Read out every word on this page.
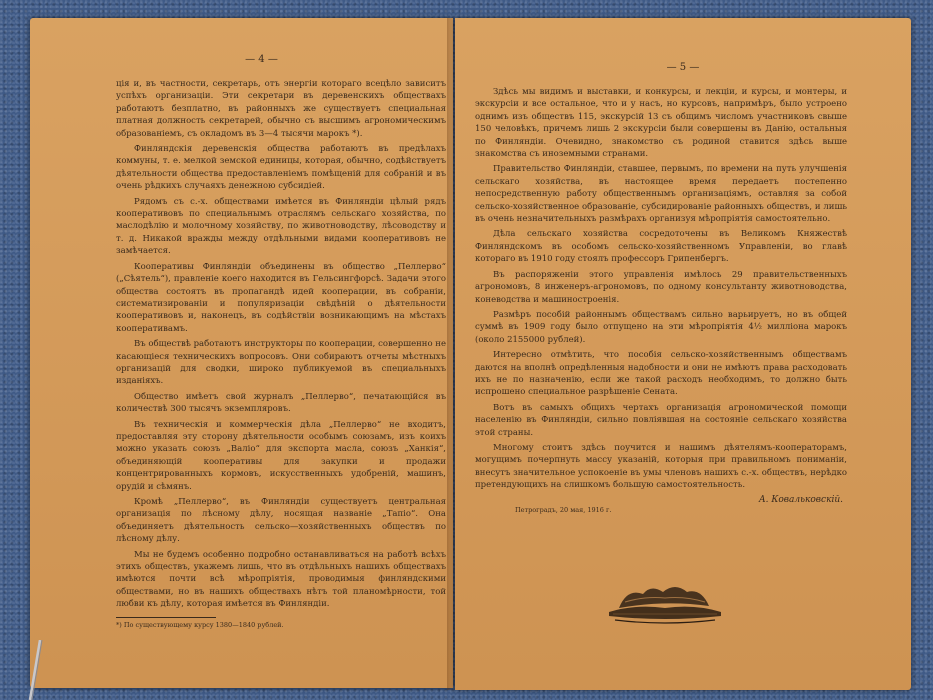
— 4 —

ція и, въ частности, секретарь, отъ энергіи котораго всецѣло зависитъ успѣхъ организаціи. Эти секретари въ деревенскихъ обществахъ работаютъ безплатно, въ районныхъ же существуетъ специальная платная должность секретарей, обычно съ высшимъ агрономическимъ образованіемъ, съ окладомъ въ 3—4 тысячи марокъ *).

Финляндскія деревенскія общества работаютъ въ предѣлахъ коммуны, т. е. мелкой земской единицы, которая, обычно, содѣйствуетъ дѣятельности общества предоставленіемъ помѣщеній для собраній и въ очень рѣдкихъ случаяхъ денежною субсидіей.

Рядомъ съ с.-х. обществами имѣется въ Финляндіи цѣлый рядъ кооперативовъ по специальнымъ отраслямъ сельскаго хозяйства, по маслодѣлію и молочному хозяйству, по животноводству, лѣсоводству и т. д. Никакой вражды между отдѣльными видами кооперативовъ не замѣчается.

Кооперативы Финляндіи объединены въ общество „Пеллерво“ („Сѣятель“), правленіе коего находится въ Гельсингфорсѣ. Задачи этого общества состоятъ въ пропагандѣ идей кооперации, въ собраніи, систематизированіи и популяризаціи свѣдѣній о дѣятельности кооперативовъ и, наконецъ, въ содѣйствіи возникающимъ на мѣстахъ кооперативамъ.

Въ обществѣ работаютъ инструкторы по кооперации, совершенно не касающіеся техническихъ вопросовъ. Они собираютъ отчеты мѣстныхъ организацій для сводки, широко публикуемой въ специальныхъ изданіяхъ.

Общество имѣетъ свой журналъ „Пеллерво“, печатающійся въ количествѣ 300 тысячъ экземпляровъ.

Въ техническія и коммерческія дѣла „Пеллерво“ не входитъ, предоставляя эту сторону дѣятельности особымъ союзамъ, изъ коихъ можно указать союзъ „Валіо“ для экспорта масла, союзъ „Ханкія“, объединяющій кооперативы для закупки и продажи концентрированныхъ кормовъ, искусственныхъ удобреній, машинъ, орудій и сѣмянъ.

Кромѣ „Пеллерво“, въ Финляндіи существуетъ центральная организація по лѣсному дѣлу, носящая названіе „Тапіо“. Она объединяетъ дѣятельность сельско—хозяйственныхъ обществъ по лѣсному дѣлу.

Мы не будемъ особенно подробно останавливаться на работѣ всѣхъ этихъ обществъ, укажемъ лишь, что въ отдѣльныхъ нашихъ обществахъ имѣются почти всѣ мѣропріятія, проводимыя финляндскими обществами, но въ нашихъ обществахъ нѣтъ той планомѣрности, той любви къ дѣлу, которая имѣется въ Финляндіи.

*) По существующему курсу 1380—1840 рублей.
— 5 —

Здѣсь мы видимъ и выставки, и конкурсы, и лекціи, и курсы, и монтеры, и экскурсіи и все остальное, что и у насъ, но курсовъ, напримѣръ, было устроено однимъ изъ обществъ 115, экскурсій 13 съ общимъ числомъ участниковъ свыше 150 человѣкъ, причемъ лишь 2 экскурсіи были совершены въ Данію, остальныя по Финляндіи. Очевидно, знакомство съ родиной ставится здѣсь выше знакомства съ иноземными странами.

Правительство Финляндіи, ставшее, первымъ, по времени на путь улучшенія сельскаго хозяйства, въ настоящее время передаетъ постепенно непосредственную работу общественнымъ организаціямъ, оставляя за собой сельско-хозяйственное образованіе, субсидированіе районныхъ обществъ, и лишь въ очень незначительныхъ размѣрахъ организуя мѣропріятія самостоятельно.

Дѣла сельскаго хозяйства сосредоточены въ Великомъ Княжествѣ Финляндскомъ въ особомъ сельско-хозяйственномъ Управленіи, во главѣ котораго въ 1910 году стоялъ профессоръ Грипенбергъ.

Въ распоряженіи этого управленія имѣлось 29 правительственныхъ агрономовъ, 8 инженеръ-агрономовъ, по одному консультанту животноводства, коневодства и машиностроенія.

Размѣръ пособій районнымъ обществамъ сильно варьируетъ, но въ общей суммѣ въ 1909 году было отпущено на эти мѣропріятія 4½ милліона марокъ (около 2155000 рублей).

Интересно отмѣтить, что пособія сельско-хозяйственнымъ обществамъ даются на вполнѣ опредѣленныя надобности и они не имѣютъ права расходовать ихъ не по назначенію, если же такой расходъ необходимъ, то должно быть испрошено специальное разрѣшеніе Сената.

Вотъ въ самыхъ общихъ чертахъ организація агрономической помощи населенію въ Финляндіи, сильно повліявшая на состояніе сельскаго хозяйства этой страны.

Многому стоитъ здѣсь поучится и нашимъ дѣятелямъ-кооператорамъ, могущимъ почерпнуть массу указаній, которыя при правильномъ пониманіи, внесутъ значительное успокоеніе въ умы членовъ нашихъ с.-х. обществъ, нерѣдко претендующихъ на слишкомъ большую самостоятельность.

А. Ковальковскій.
Петроградъ, 20 мая, 1916 г.
